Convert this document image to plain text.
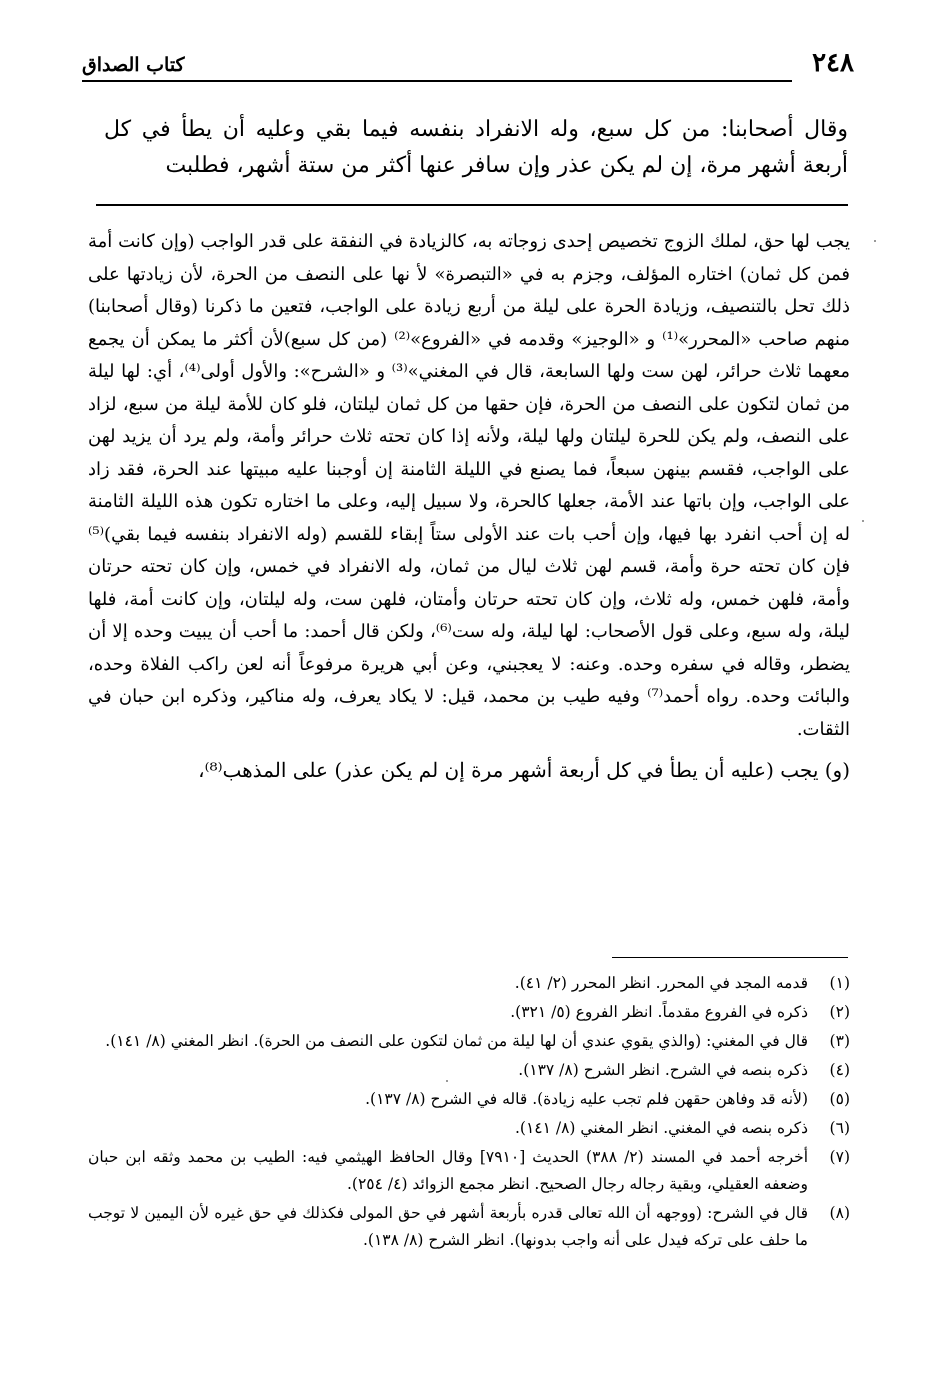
٢٤٨
كتاب الصداق

وقال أصحابنا: من كل سبع، وله الانفراد بنفسه فيما بقي وعليه أن يطأ في كل أربعة أشهر مرة، إن لم يكن عذر وإن سافر عنها أكثر من ستة أشهر، فطلبت

يجب لها حق، لملك الزوج تخصيص إحدى زوجاته به، كالزيادة في النفقة على قدر الواجب (وإن كانت أمة فمن كل ثمان) اختاره المؤلف، وجزم به في «التبصرة» لأ نها على النصف من الحرة، لأن زيادتها على ذلك تحل بالتنصيف، وزيادة الحرة على ليلة من أربع زيادة على الواجب، فتعين ما ذكرنا (وقال أصحابنا) منهم صاحب «المحرر»⁽¹⁾ و «الوجيز» وقدمه في «الفروع»⁽²⁾ (من كل سبع)لأن أكثر ما يمكن أن يجمع معهما ثلاث حرائر، لهن ست ولها السابعة، قال في المغني»⁽³⁾ و «الشرح»: والأول أولى⁽⁴⁾، أي: لها ليلة من ثمان لتكون على النصف من الحرة، فإن حقها من كل ثمان ليلتان، فلو كان للأمة ليلة من سبع، لزاد على النصف، ولم يكن للحرة ليلتان ولها ليلة، ولأنه إذا كان تحته ثلاث حرائر وأمة، ولم يرد أن يزيد لهن على الواجب، فقسم بينهن سبعاً، فما يصنع في الليلة الثامنة إن أوجبنا عليه مبيتها عند الحرة، فقد زاد على الواجب، وإن باتها عند الأمة، جعلها كالحرة، ولا سبيل إليه، وعلى ما اختاره تكون هذه الليلة الثامنة له إن أحب انفرد بها فيها، وإن أحب بات عند الأولى ستاً إبقاء للقسم (وله الانفراد بنفسه فيما بقي)⁽⁵⁾ فإن كان تحته حرة وأمة، قسم لهن ثلاث ليال من ثمان، وله الانفراد في خمس، وإن كان تحته حرتان وأمة، فلهن خمس، وله ثلاث، وإن كان تحته حرتان وأمتان، فلهن ست، وله ليلتان، وإن كانت أمة، فلها ليلة، وله سبع، وعلى قول الأصحاب: لها ليلة، وله ست⁽⁶⁾، ولكن قال أحمد: ما أحب أن يبيت وحده إلا أن يضطر، وقاله في سفره وحده. وعنه: لا يعجبني، وعن أبي هريرة مرفوعاً أنه لعن راكب الفلاة وحده، والبائت وحده. رواه أحمد⁽⁷⁾ وفيه طيب بن محمد، قيل: لا يكاد يعرف، وله مناكير، وذكره ابن حبان في الثقات.

(و) يجب (عليه أن يطأ في كل أربعة أشهر مرة إن لم يكن عذر) على المذهب⁽⁸⁾،

(١)
قدمه المجد في المحرر. انظر المحرر (٢/ ٤١).
(٢)
ذكره في الفروع مقدماً. انظر الفروع (٥/ ٣٢١).
(٣)
قال في المغني: (والذي يقوي عندي أن لها ليلة من ثمان لتكون على النصف من الحرة). انظر المغني (٨/ ١٤١).
(٤)
ذكره بنصه في الشرح. انظر الشرح (٨/ ١٣٧).
(٥)
(لأنه قد وفاهن حقهن فلم تجب عليه زيادة). قاله في الشرح (٨/ ١٣٧).
(٦)
ذكره بنصه في المغني. انظر المغني (٨/ ١٤١).
(٧)
أخرجه أحمد في المسند (٢/ ٣٨٨) الحديث [٧٩١٠] وقال الحافظ الهيثمي فيه: الطيب بن محمد وثقه ابن حبان وضعفه العقيلي، وبقية رجاله رجال الصحيح. انظر مجمع الزوائد (٤/ ٢٥٤).
(٨)
قال في الشرح: (ووجهه أن الله تعالى قدره بأربعة أشهر في حق المولى فكذلك في حق غيره لأن اليمين لا توجب ما حلف على تركه فيدل على أنه واجب بدونها). انظر الشرح (٨/ ١٣٨).
